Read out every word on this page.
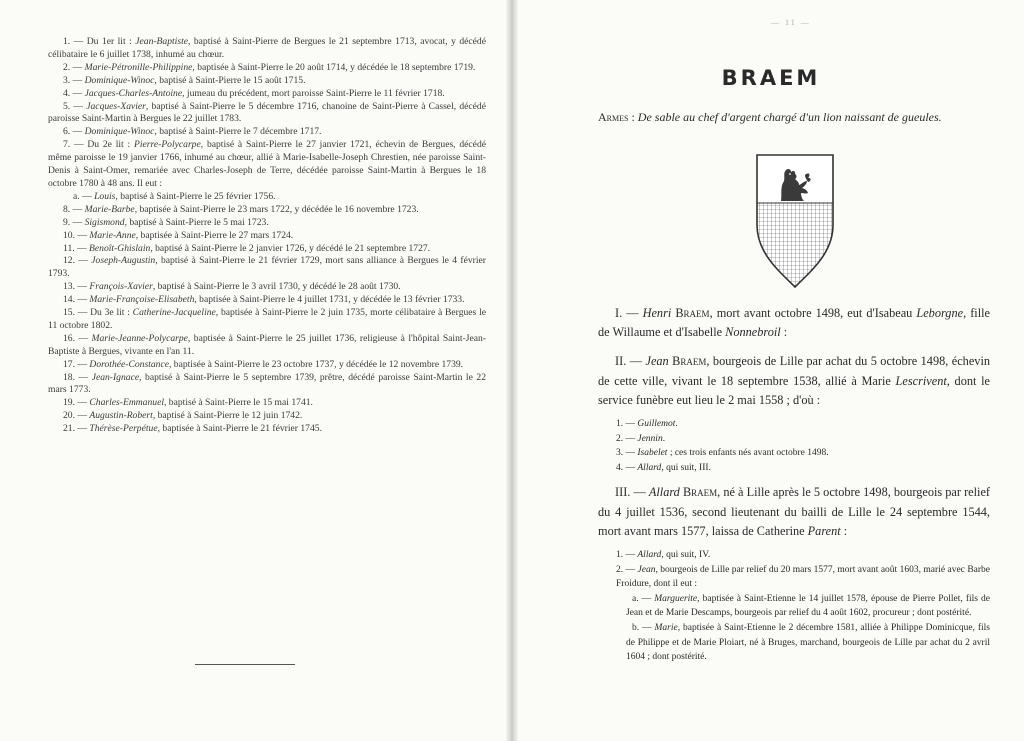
1. — Du 1er lit : Jean-Baptiste, baptisé à Saint-Pierre de Bergues le 21 septembre 1713, avocat, y décédé célibataire le 6 juillet 1738, inhumé au chœur.

2. — Marie-Pétronille-Philippine, baptisée à Saint-Pierre le 20 août 1714, y décédée le 18 septembre 1719.

3. — Dominique-Winoc, baptisé à Saint-Pierre le 15 août 1715.

4. — Jacques-Charles-Antoine, jumeau du précédent, mort paroisse Saint-Pierre le 11 février 1718.

5. — Jacques-Xavier, baptisé à Saint-Pierre le 5 décembre 1716, chanoine de Saint-Pierre à Cassel, décédé paroisse Saint-Martin à Bergues le 22 juillet 1783.

6. — Dominique-Winoc, baptisé à Saint-Pierre le 7 décembre 1717.

7. — Du 2e lit : Pierre-Polycarpe, baptisé à Saint-Pierre le 27 janvier 1721, échevin de Bergues, décédé même paroisse le 19 janvier 1766, inhumé au chœur, allié à Marie-Isabelle-Joseph Chrestien, née paroisse Saint-Denis à Saint-Omer, remariée avec Charles-Joseph de Terre, décédée paroisse Saint-Martin à Bergues le 18 octobre 1780 à 48 ans. Il eut :

a. — Louis, baptisé à Saint-Pierre le 25 février 1756.

8. — Marie-Barbe, baptisée à Saint-Pierre le 23 mars 1722, y décédée le 16 novembre 1723.

9. — Sigismond, baptisé à Saint-Pierre le 5 mai 1723.

10. — Marie-Anne, baptisée à Saint-Pierre le 27 mars 1724.

11. — Benoît-Ghislain, baptisé à Saint-Pierre le 2 janvier 1726, y décédé le 21 septembre 1727.

12. — Joseph-Augustin, baptisé à Saint-Pierre le 21 février 1729, mort sans alliance à Bergues le 4 février 1793.

13. — François-Xavier, baptisé à Saint-Pierre le 3 avril 1730, y décédé le 28 août 1730.

14. — Marie-Françoise-Elisabeth, baptisée à Saint-Pierre le 4 juillet 1731, y décédée le 13 février 1733.

15. — Du 3e lit : Catherine-Jacqueline, baptisée à Saint-Pierre le 2 juin 1735, morte célibataire à Bergues le 11 octobre 1802.

16. — Marie-Jeanne-Polycarpe, baptisée à Saint-Pierre le 25 juillet 1736, religieuse à l'hôpital Saint-Jean-Baptiste à Bergues, vivante en l'an 11.

17. — Dorothée-Constance, baptisée à Saint-Pierre le 23 octobre 1737, y décédée le 12 novembre 1739.

18. — Jean-Ignace, baptisé à Saint-Pierre le 5 septembre 1739, prêtre, décédé paroisse Saint-Martin le 22 mars 1773.

19. — Charles-Emmanuel, baptisé à Saint-Pierre le 15 mai 1741.

20. — Augustin-Robert, baptisé à Saint-Pierre le 12 juin 1742.

21. — Thérèse-Perpétue, baptisée à Saint-Pierre le 21 février 1745.

— 11 —
BRAEM
Armes : De sable au chef d'argent chargé d'un lion naissant de gueules.

I. — Henri Braem, mort avant octobre 1498, eut d'Isabeau Leborgne, fille de Willaume et d'Isabelle Nonnebroil :

II. — Jean Braem, bourgeois de Lille par achat du 5 octobre 1498, échevin de cette ville, vivant le 18 septembre 1538, allié à Marie Lescrivent, dont le service funèbre eut lieu le 2 mai 1558 ; d'où :

1. — Guillemot.

2. — Jennin.

3. — Isabelet ; ces trois enfants nés avant octobre 1498.

4. — Allard, qui suit, III.

III. — Allard Braem, né à Lille après le 5 octobre 1498, bourgeois par relief du 4 juillet 1536, second lieutenant du bailli de Lille le 24 septembre 1544, mort avant mars 1577, laissa de Catherine Parent :

1. — Allard, qui suit, IV.

2. — Jean, bourgeois de Lille par relief du 20 mars 1577, mort avant août 1603, marié avec Barbe Froidure, dont il eut :

a. — Marguerite, baptisée à Saint-Etienne le 14 juillet 1578, épouse de Pierre Pollet, fils de Jean et de Marie Descamps, bourgeois par relief du 4 août 1602, procureur ; dont postérité.

b. — Marie, baptisée à Saint-Etienne le 2 décembre 1581, alliée à Philippe Dominicque, fils de Philippe et de Marie Ploiart, né à Bruges, marchand, bourgeois de Lille par achat du 2 avril 1604 ; dont postérité.
